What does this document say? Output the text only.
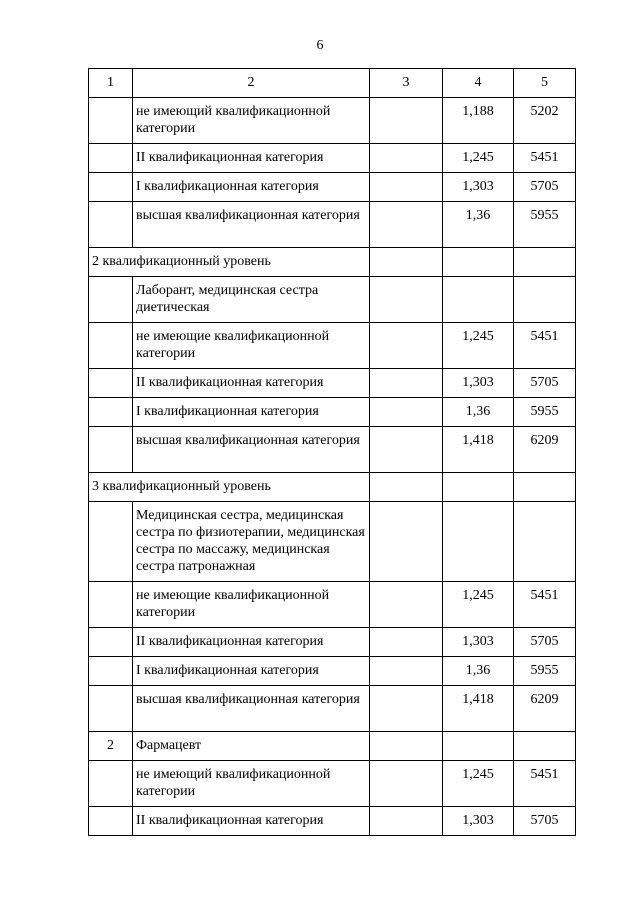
6
1	2	3	4	5
	не имеющий квалификационной категории		1,188	5202
	II квалификационная категория		1,245	5451
	I квалификационная категория		1,303	5705
	высшая квалификационная категория		1,36	5955
2 квалификационный уровень				
	Лаборант, медицинская сестра диетическая			
	не имеющие квалификационной категории		1,245	5451
	II квалификационная категория		1,303	5705
	I квалификационная категория		1,36	5955
	высшая квалификационная категория		1,418	6209
3 квалификационный уровень				
	Медицинская сестра, медицинская сестра по физиотерапии, медицинская сестра по массажу, медицинская сестра патронажная			
	не имеющие квалификационной категории		1,245	5451
	II квалификационная категория		1,303	5705
	I квалификационная категория		1,36	5955
	высшая квалификационная категория		1,418	6209
2	Фармацевт			
	не имеющий квалификационной категории		1,245	5451
	II квалификационная категория		1,303	5705
